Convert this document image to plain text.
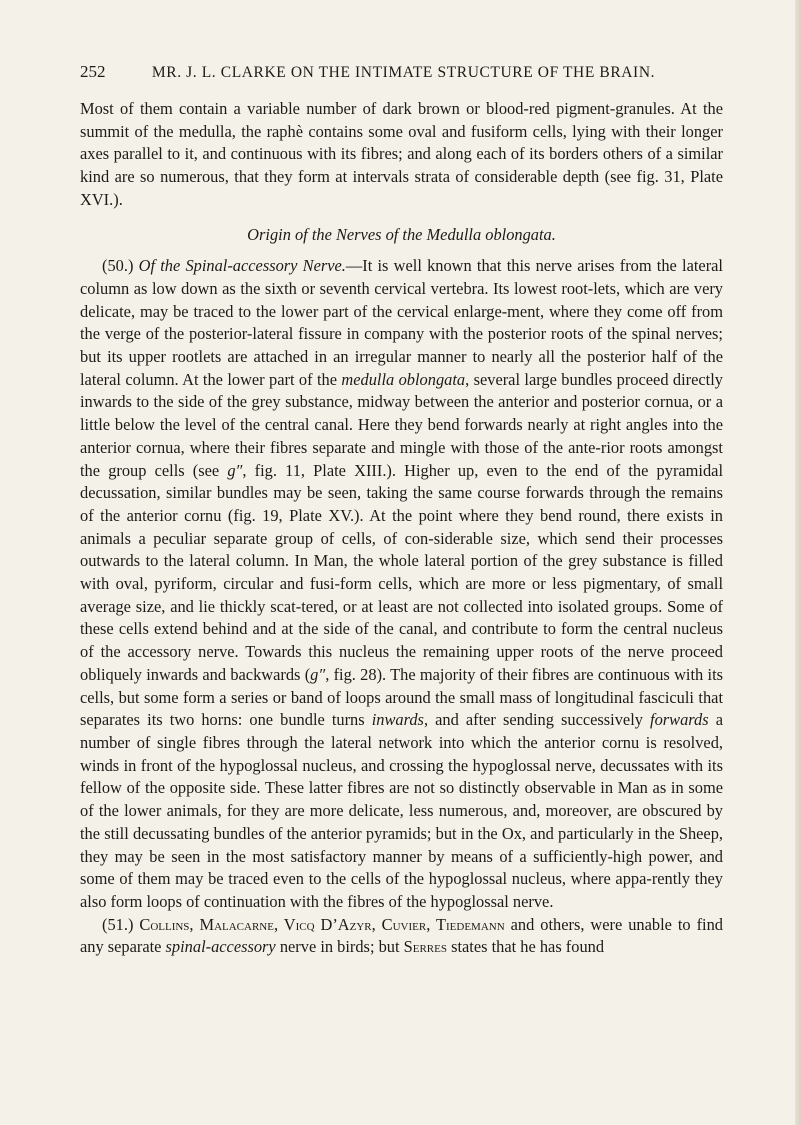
252	MR. J. L. CLARKE ON THE INTIMATE STRUCTURE OF THE BRAIN.

Most of them contain a variable number of dark brown or blood-red pigment-granules. At the summit of the medulla, the raphè contains some oval and fusiform cells, lying with their longer axes parallel to it, and continuous with its fibres; and along each of its borders others of a similar kind are so numerous, that they form at intervals strata of considerable depth (see fig. 31, Plate XVI.).

Origin of the Nerves of the Medulla oblongata.

(50.) Of the Spinal-accessory Nerve.—It is well known that this nerve arises from the lateral column as low down as the sixth or seventh cervical vertebra. Its lowest root-lets, which are very delicate, may be traced to the lower part of the cervical enlarge-ment, where they come off from the verge of the posterior-lateral fissure in company with the posterior roots of the spinal nerves; but its upper rootlets are attached in an irregular manner to nearly all the posterior half of the lateral column. At the lower part of the medulla oblongata, several large bundles proceed directly inwards to the side of the grey substance, midway between the anterior and posterior cornua, or a little below the level of the central canal. Here they bend forwards nearly at right angles into the anterior cornua, where their fibres separate and mingle with those of the ante-rior roots amongst the group cells (see g″, fig. 11, Plate XIII.). Higher up, even to the end of the pyramidal decussation, similar bundles may be seen, taking the same course forwards through the remains of the anterior cornu (fig. 19, Plate XV.). At the point where they bend round, there exists in animals a peculiar separate group of cells, of con-siderable size, which send their processes outwards to the lateral column. In Man, the whole lateral portion of the grey substance is filled with oval, pyriform, circular and fusi-form cells, which are more or less pigmentary, of small average size, and lie thickly scat-tered, or at least are not collected into isolated groups. Some of these cells extend behind and at the side of the canal, and contribute to form the central nucleus of the accessory nerve. Towards this nucleus the remaining upper roots of the nerve proceed obliquely inwards and backwards (g″, fig. 28). The majority of their fibres are continuous with its cells, but some form a series or band of loops around the small mass of longitudinal fasciculi that separates its two horns: one bundle turns inwards, and after sending successively forwards a number of single fibres through the lateral network into which the anterior cornu is resolved, winds in front of the hypoglossal nucleus, and crossing the hypoglossal nerve, decussates with its fellow of the opposite side. These latter fibres are not so distinctly observable in Man as in some of the lower animals, for they are more delicate, less numerous, and, moreover, are obscured by the still decussating bundles of the anterior pyramids; but in the Ox, and particularly in the Sheep, they may be seen in the most satisfactory manner by means of a sufficiently-high power, and some of them may be traced even to the cells of the hypoglossal nucleus, where appa-rently they also form loops of continuation with the fibres of the hypoglossal nerve.

(51.) Collins, Malacarne, Vicq D’Azyr, Cuvier, Tiedemann and others, were unable to find any separate spinal-accessory nerve in birds; but Serres states that he has found
